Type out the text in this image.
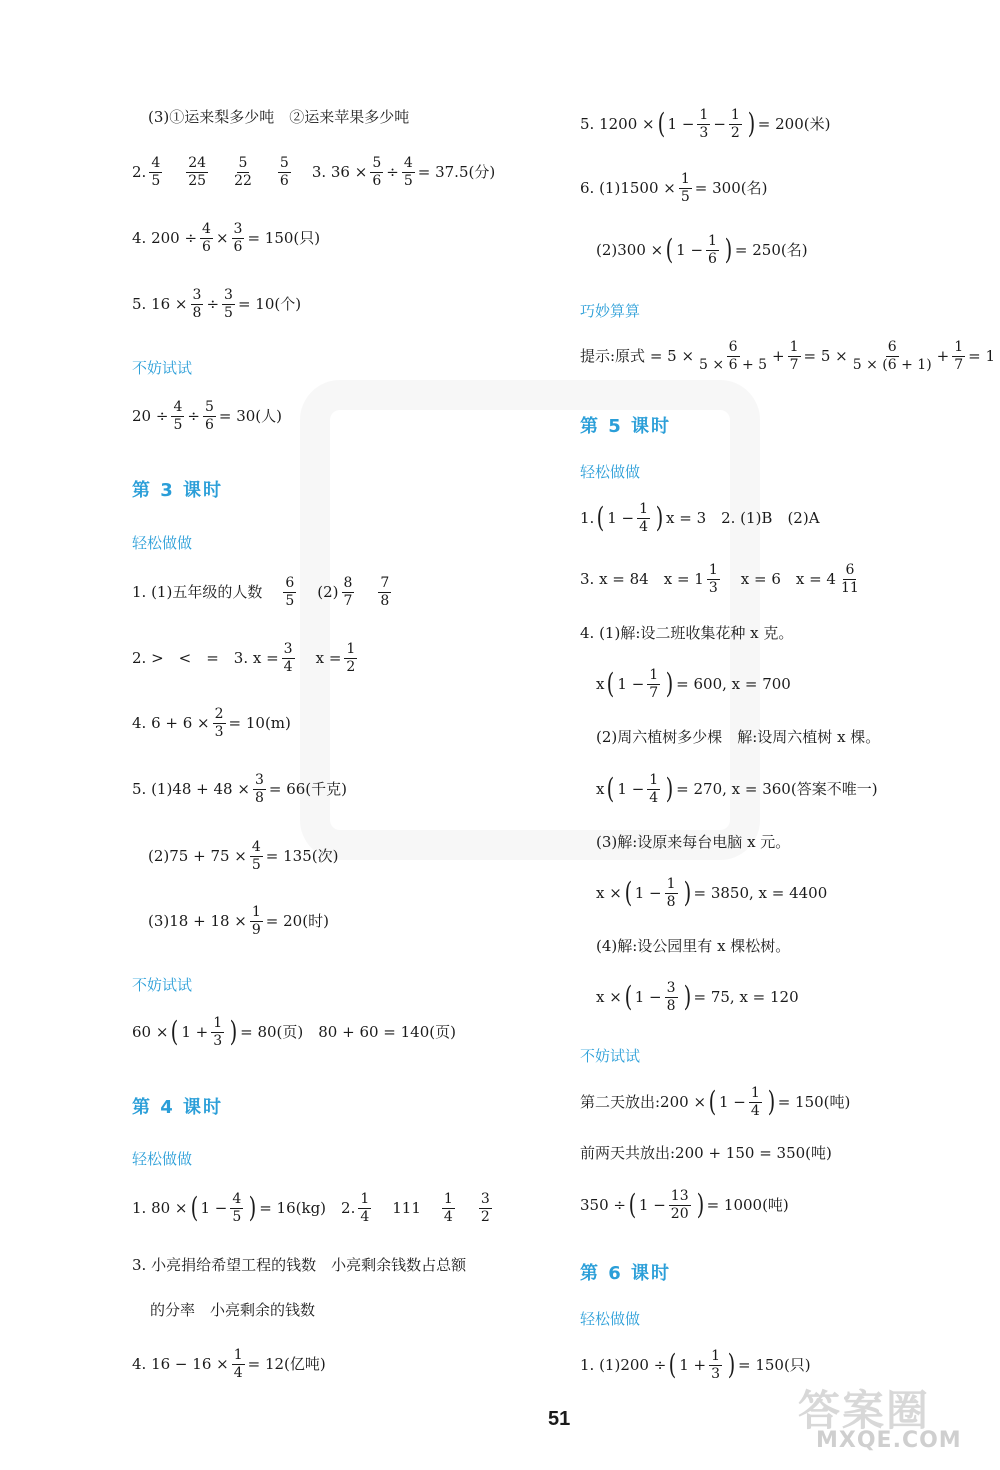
(3)①运来梨多少吨　②运来苹果多少吨
2. 4
5
24
25
5
22
5
6 3. $36 \times \frac{5}{6} \div \frac{4}{5} = 37.5$(分)
4. $200 \div \frac{4}{6} \times \frac{3}{6} = 150$(只)
5. $16 \times \frac{3}{8} \div \frac{3}{5} = 10$(个)
不妨试试
$20 \div \frac{4}{5} \div \frac{5}{6} = 30$(人)
第 3 课时
轻松做做
1. (1)五年级的人数 6
5 (2) 8
7
7
8
2. >　<　=　3. $x = \frac{3}{4}$ $x = \frac{1}{2}$
4. $6 + 6 \times \frac{2}{3} = 10(m)$
5. $(1)48 + 48 \times \frac{3}{8} = 66$(千克)
$(2)75 + 75 \times \frac{4}{5} = 135$(次)
$(3)18 + 18 \times \frac{1}{9} = 20$(时)
不妨试试
60 × ( $1 + \frac{1}{3}$ ) = 80(页)　80 + 60 = 140(页)
第 4 课时
轻松做做
1. 80 × ( $1 - \frac{4}{5}$ ) = 16(kg)　2. 1
4 111 1
4
3
2
3. 小亮捐给希望工程的钱数　小亮剩余钱数占总额
的分率　小亮剩余的钱数
4. $16 - 16 \times \frac{1}{4} = 12$(亿吨)
5. 1200 × ( $1 - \frac{1}{3} - \frac{1}{2}$ ) = 200(米)
6. $(1)1500 \times \frac{1}{5} = 300$(名)
(2)300 × ( $1 - \frac{1}{6}$ ) = 250(名)
巧妙算算
提示:原式 = $5 \times \frac{6}{5 \times 6 + 5} + \frac{1}{7} = 5 \times \frac{6}{5 \times (6 + 1)} + \frac{1}{7} = 1$
第 5 课时
轻松做做
1. ( $1 - \frac{1}{4}$ ) x = 3　2. (1)B　(2)A
3. x = 84　x = 1 1
3 x = 6　x = 4 6
11
4. (1)解:设二班收集花种 x 克。
x ( $1 - \frac{1}{7}$ ) = 600, x = 700
(2)周六植树多少棵　解:设周六植树 x 棵。
x ( $1 - \frac{1}{4}$ ) = 270, x = 360(答案不唯一)
(3)解:设原来每台电脑 x 元。
x × ( $1 - \frac{1}{8}$ ) = 3850, x = 4400
(4)解:设公园里有 x 棵松树。
x × ( $1 - \frac{3}{8}$ ) = 75, x = 120
不妨试试
第二天放出:200 × ( $1 - \frac{1}{4}$ ) = 150(吨)
前两天共放出:200 + 150 = 350(吨)
350 ÷ ( $1 - \frac{13}{20}$ ) = 1000(吨)
第 6 课时
轻松做做
1. (1)200 ÷ ( $1 + \frac{1}{3}$ ) = 150(只)
51	答案圈
MXQE.COM
